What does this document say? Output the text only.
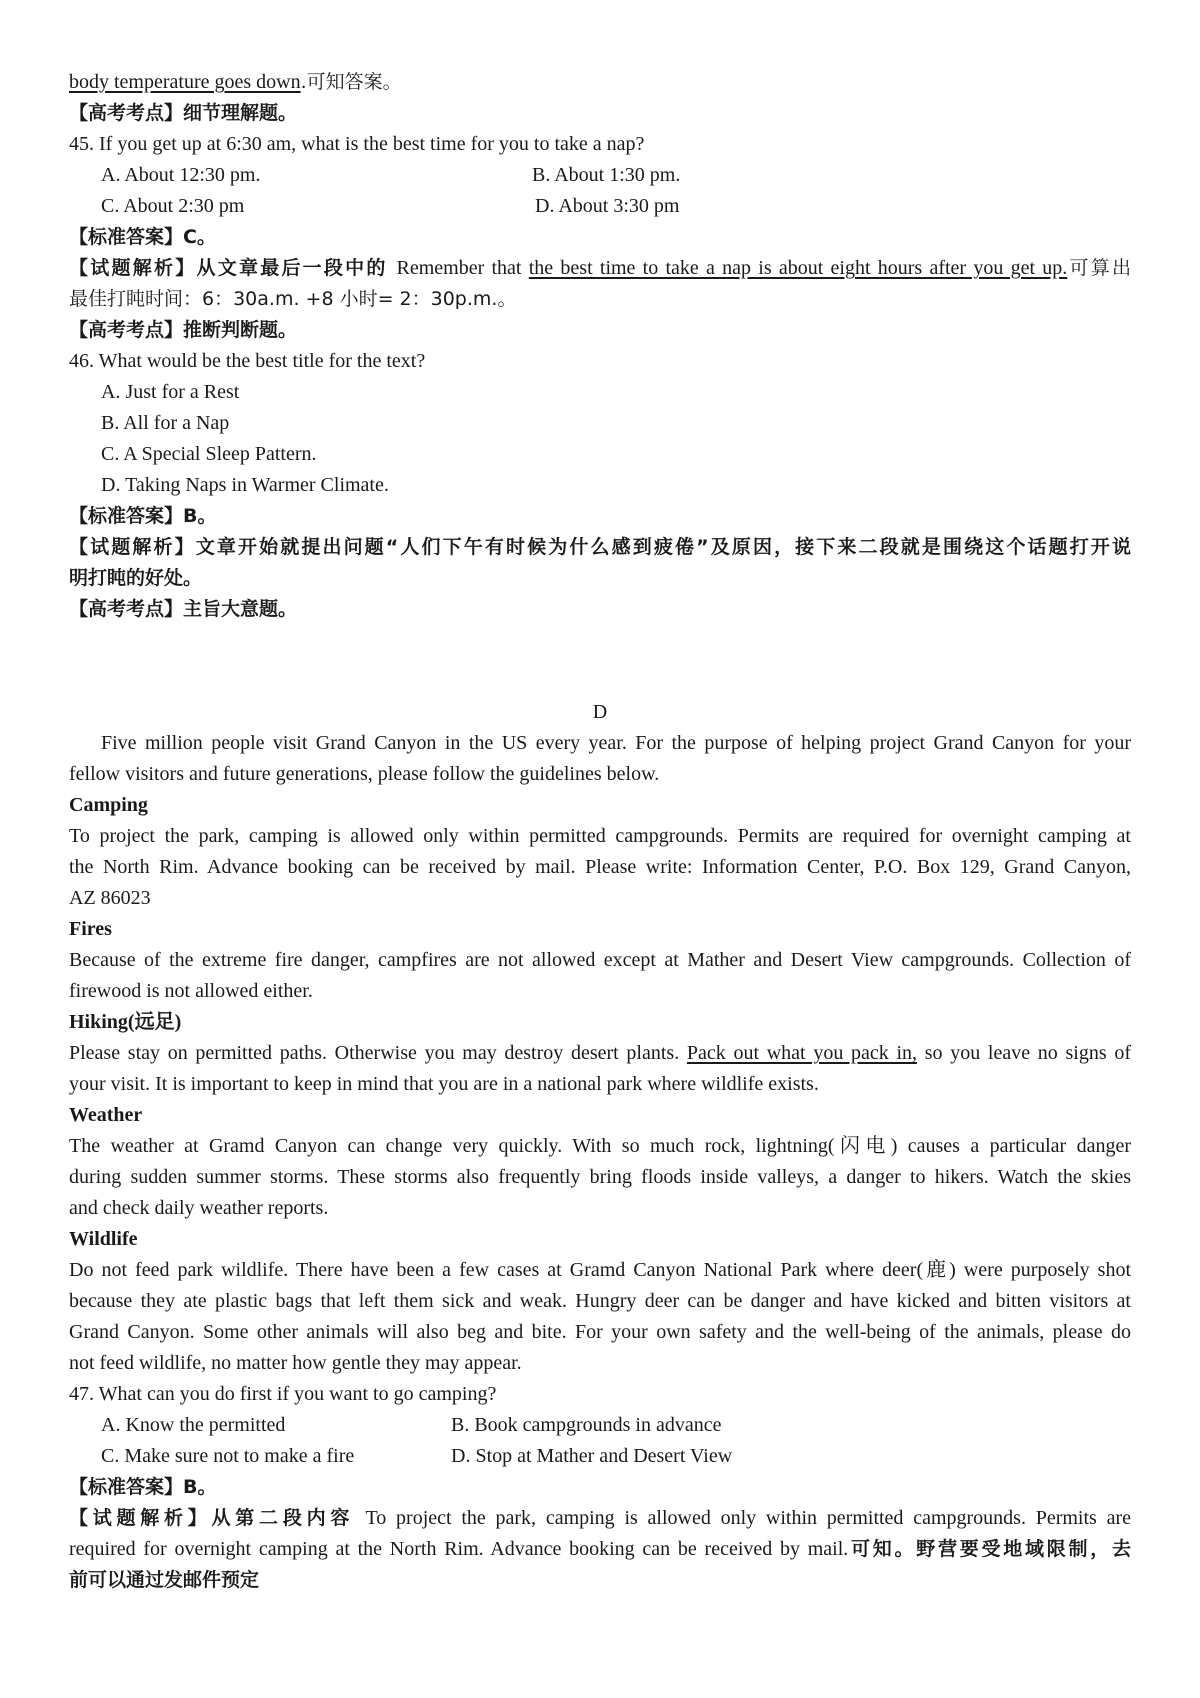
body temperature goes down.可知答案。
【高考考点】细节理解题。
45. If you get up at 6:30 am, what is the best time for you to take a nap?
A. About 12:30 pm.	B. About 1:30 pm.
C. About 2:30 pm	D. About 3:30 pm
【标准答案】C。
【试题解析】从文章最后一段中的 Remember that the best time to take a nap is about eight hours after you get up.可算出
最佳打盹时间：6：30a.m. +8 小时= 2：30p.m.。
【高考考点】推断判断题。
46. What would be the best title for the text?
A. Just for a Rest
B. All for a Nap
C. A Special Sleep Pattern.
D. Taking Naps in Warmer Climate.
【标准答案】B。
【试题解析】文章开始就提出问题“人们下午有时候为什么感到疲倦”及原因，接下来二段就是围绕这个话题打开说
明打盹的好处。
【高考考点】主旨大意题。
D
Five million people visit Grand Canyon in the US every year. For the purpose of helping project Grand Canyon for your
fellow visitors and future generations, please follow the guidelines below.
Camping
To project the park, camping is allowed only within permitted campgrounds. Permits are required for overnight camping at
the North Rim. Advance booking can be received by mail. Please write: Information Center, P.O. Box 129, Grand Canyon,
AZ 86023
Fires
Because of the extreme fire danger, campfires are not allowed except at Mather and Desert View campgrounds. Collection of
firewood is not allowed either.
Hiking(远足)
Please stay on permitted paths. Otherwise you may destroy desert plants. Pack out what you pack in, so you leave no signs of
your visit. It is important to keep in mind that you are in a national park where wildlife exists.
Weather
The weather at Gramd Canyon can change very quickly. With so much rock, lightning(闪电) causes a particular danger
during sudden summer storms. These storms also frequently bring floods inside valleys, a danger to hikers. Watch the skies
and check daily weather reports.
Wildlife
Do not feed park wildlife. There have been a few cases at Gramd Canyon National Park where deer(鹿) were purposely shot
because they ate plastic bags that left them sick and weak. Hungry deer can be danger and have kicked and bitten visitors at
Grand Canyon. Some other animals will also beg and bite. For your own safety and the well-being of the animals, please do
not feed wildlife, no matter how gentle they may appear.
47. What can you do first if you want to go camping?
A. Know the permitted	B. Book campgrounds in advance
C. Make sure not to make a fire	D. Stop at Mather and Desert View
【标准答案】B。
【试题解析】从第二段内容 To project the park, camping is allowed only within permitted campgrounds. Permits are
required for overnight camping at the North Rim. Advance booking can be received by mail.可知。野营要受地域限制，去
前可以通过发邮件预定
